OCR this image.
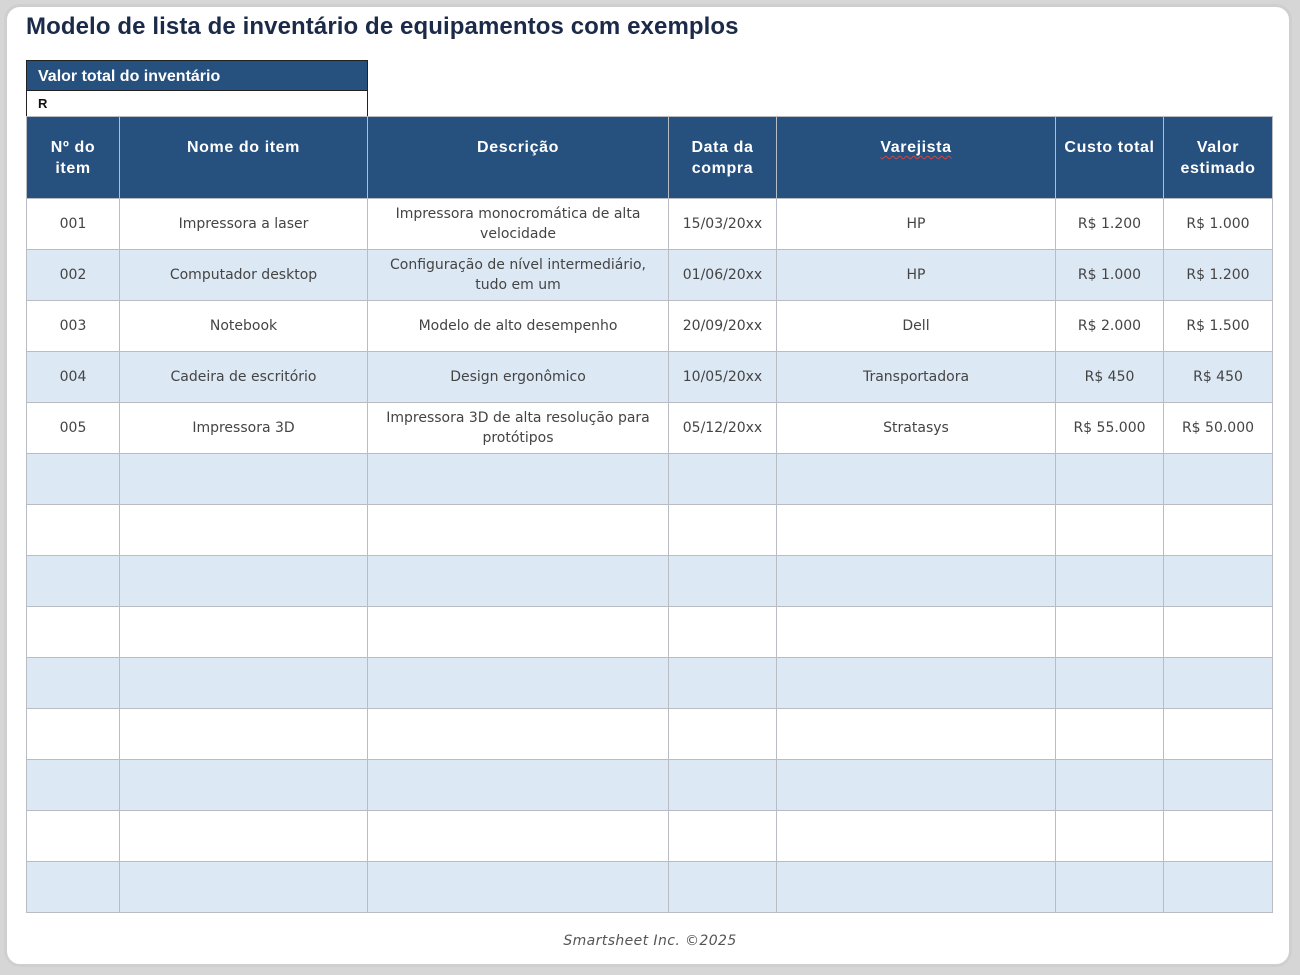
Modelo de lista de inventário de equipamentos com exemplos
Valor total do inventário
R
Nº do item	Nome do item	Descrição	Data da compra	Varejista	Custo total	Valor estimado
001	Impressora a laser	Impressora monocromática de alta velocidade	15/03/20xx	HP	R$ 1.200	R$ 1.000
002	Computador desktop	Configuração de nível intermediário, tudo em um	01/06/20xx	HP	R$ 1.000	R$ 1.200
003	Notebook	Modelo de alto desempenho	20/09/20xx	Dell	R$ 2.000	R$ 1.500
004	Cadeira de escritório	Design ergonômico	10/05/20xx	Transportadora	R$ 450	R$ 450
005	Impressora 3D	Impressora 3D de alta resolução para protótipos	05/12/20xx	Stratasys	R$ 55.000	R$ 50.000

Smartsheet Inc. ©2025
